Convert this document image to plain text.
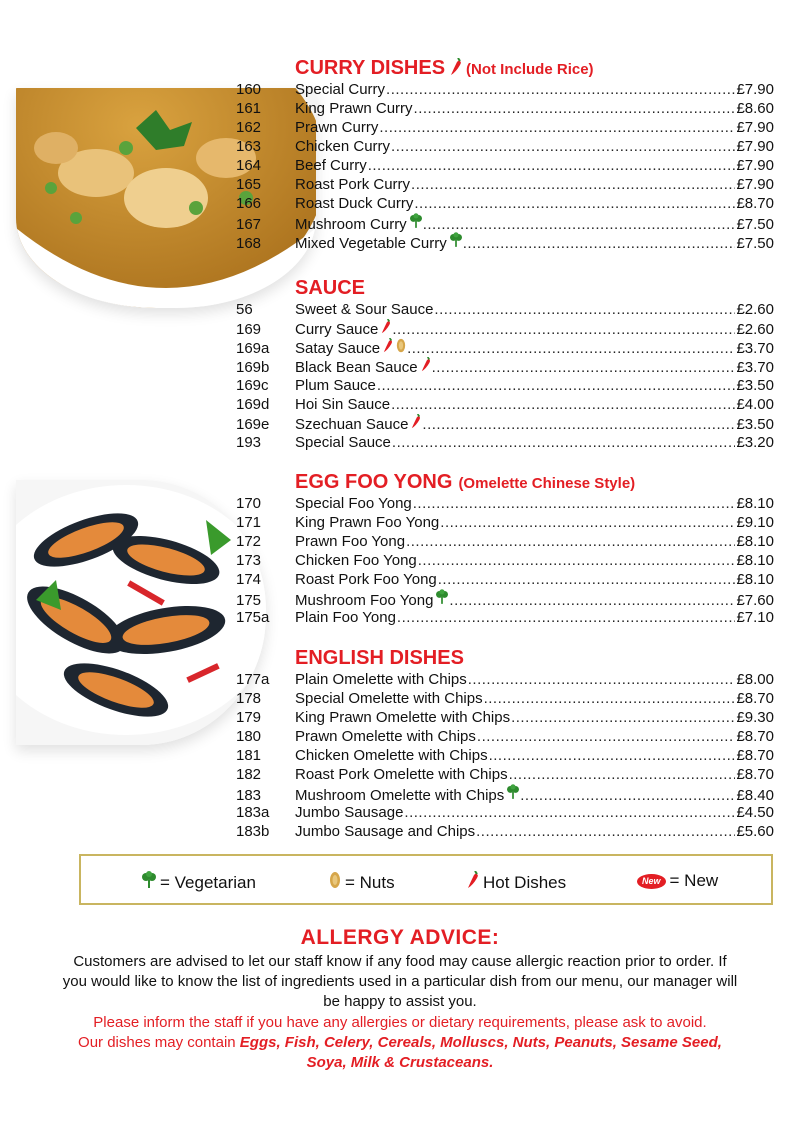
CURRY DISHES (Not Include Rice)
160	Special Curry .....	£7.90
161	King Prawn Curry .....	£8.60
162	Prawn Curry .....	£7.90
163	Chicken Curry .....	£7.90
164	Beef Curry .....	£7.90
165	Roast Pork Curry .....	£7.90
166	Roast Duck Curry .....	£8.70
167	Mushroom Curry .....	£7.50
168	Mixed Vegetable Curry .....	£7.50
SAUCE
56	Sweet & Sour Sauce .....	£2.60
169	Curry Sauce .....	£2.60
169a	Satay Sauce .....	£3.70
169b	Black Bean Sauce .....	£3.70
169c	Plum Sauce .....	£3.50
169d	Hoi Sin Sauce .....	£4.00
169e	Szechuan Sauce .....	£3.50
193	Special Sauce .....	£3.20
EGG FOO YONG (Omelette Chinese Style)
170	Special Foo Yong .....	£8.10
171	King Prawn Foo Yong .....	£9.10
172	Prawn Foo Yong .....	£8.10
173	Chicken Foo Yong .....	£8.10
174	Roast Pork Foo Yong .....	£8.10
175	Mushroom Foo Yong .....	£7.60
175a	Plain Foo Yong .....	£7.10
ENGLISH DISHES
177a	Plain Omelette with Chips .....	£8.00
178	Special Omelette with Chips .....	£8.70
179	King Prawn Omelette with Chips .....	£9.30
180	Prawn Omelette with Chips .....	£8.70
181	Chicken Omelette with Chips .....	£8.70
182	Roast Pork Omelette with Chips .....	£8.70
183	Mushroom Omelette with Chips .....	£8.40
183a	Jumbo Sausage .....	£4.50
183b	Jumbo Sausage and Chips .....	£5.60
= Vegetarian	= Nuts	Hot Dishes	New = New
ALLERGY ADVICE:
Customers are advised to let our staff know if any food may cause allergic reaction prior to order. If you would like to know the list of ingredients used in a particular dish from our menu, our manager will be happy to assist you.
Please inform the staff if you have any allergies or dietary requirements, please ask to avoid.
Our dishes may contain Eggs, Fish, Celery, Cereals, Molluscs, Nuts, Peanuts, Sesame Seed, Soya, Milk & Crustaceans.
